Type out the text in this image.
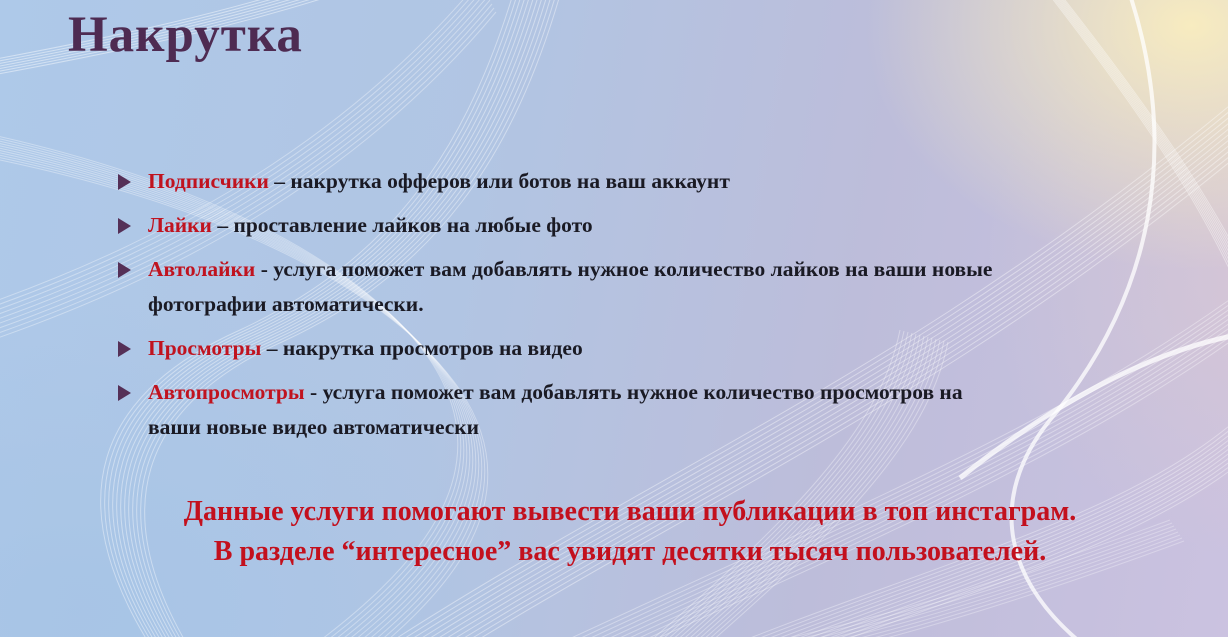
Накрутка

Подписчики – накрутка офферов или ботов на ваш аккаунт

Лайки – проставление лайков на любые фото

Автолайки - услуга поможет вам добавлять нужное количество лайков на ваши новые фотографии автоматически.

Просмотры – накрутка просмотров на видео

Автопросмотры - услуга поможет вам добавлять нужное количество просмотров на ваши новые видео автоматически

Данные услуги помогают вывести ваши публикации в топ инстаграм. В разделе “интересное” вас увидят десятки тысяч пользователей.
